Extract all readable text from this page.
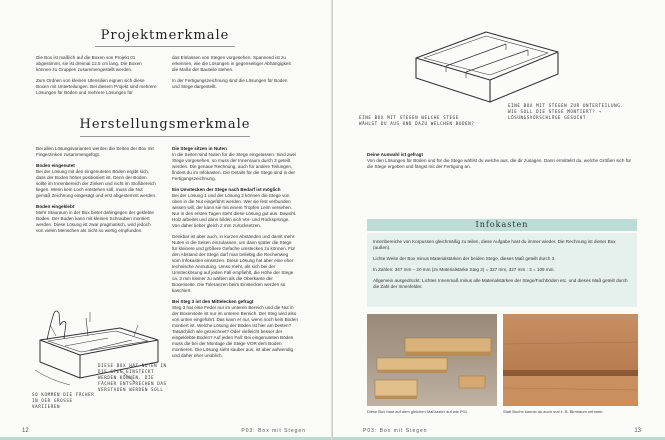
Projektmerkmale

Die Box ist maßlich auf die Boxen von Projekt 01 abgestimmt, sie ist dreimal 12,5 cm lang. Die Boxen können zu Gruppen zusammengestellt werden.

Zum Ordnen von kleinen Utensilien eignen sich diese Boxen mit Unterteilungen. Bei diesem Projekt sind mehrere Lösungen für Böden und mehrere Lösungen für

das Einlassen von Stegen vorgesehen. Spannend ist zu erkennen, wie die Lösungen in gegenseitiger Abhängigkeit die Maße der Bauteile stehen.

In der Fertigungszeichnung sind die Lösungen für Boden und Stege dargestellt.

Herstellungsmerkmale

Bei allen Lösungsvarianten werden die Seiten der Box mit Fingerzinken zusammengefügt.

Boden eingenutet
Bei der Lösung mit den eingenuteten Böden ergibt sich, dass der Boden höher positioniert ist. Denn der Boden sollte im Innenbereich der Zinken und nicht im Stoßbereich liegen. Wenn kein Loch entstehen soll, muss die Nut gemäß Zeichnung eingesägt und erst abgestemmt werden.

Boden eingeklebt
Mehr Stauraum in der Box bietet dahingegen der geklebte Boden. Der Boden kann mit kleinen Schrauben montiert werden. Diese Lösung ist zwar pragmatisch, wird jedoch von vielen Menschen als nicht so wertig empfunden.

Die Stege sitzen in Nuten
In die Seiten sind Nuten für die Stege eingelassen. Sind zwei Stege vorgesehen, so muss der Innenraum durch 3 geteilt werden. Die genaue Rechnung, auch für andere Teilungen, findest du im Infokasten. Die Details für die Stege sind in der Fertigungszeichnung.

Ein Umstecken der Stege nach Bedarf ist möglich
Bei der Lösung 1 und der Lösung 2 können die Stege von oben in die Nut eingeführt werden. Wer sie fest verbunden wissen will, der kann sie mit einem Tropfen Leim versehen. Nur in den ersten Tagen steht diese Lösung gut aus. Dawohl. Holz arbeitet und dann bilden sich Vor- und Rücksprünge. Von daher lieber gleich 2 mm zurücksetzen.

Denkbar ist aber auch, in kurzen Abständen und damit mehr Nuten in die Seiten einzulassen, um dann später die Stege für kleinere und größere Gefache umstecken zu können. Für den Abstand der Stege darf man beliebig die Rechenweg vom Infokasten einsetzen. Diese Lösung hat aber eine eher technische Anmutung. Umso mehr, als sich bei der Umsteckösung auf jeden Fall empfiehlt, die Höhe der Stege ca. 2 mm kleiner zu wählen als die Oberkante der Boxenseite. Die Toleranzen beim Einstecken werden so kaschiert.

Bei Steg 3 ist den Mittelecken gefragt
Steg 3 hat eine Feder nur im unteren Bereich und die Nut in der Boxenseite ist nur im unteren Bereich. Der Steg wird also von unten eingeführt. Das kann er nur, wenn noch kein Boden montiert ist. Welche Lösung der Böden ist hier am besten? Tatsächlich wie gezeichnet? Oder vielleicht besser der eingeklebte Boden? Auf jeden Fall: Bei eingenuteten Böden muss die bei der Montage die Stege VOR dem Boden montieren. Die Lösung sieht sauber aus, ist aber aufwendig und daher eher unüblich.

SO KOMMEN DIE FÄCHER IN DER GROSSE VARIIEREN
DIESE BOX HAT NUTEN IN DIE STEG EINSTECKT WERDEN KÖNNEN. DIE FÄCHER ENTSPRECHEN DAS VERSTAUEN WERDEN SOLL
12	P03: Box mit Stegen
EINE BOX MIT STEGEN WELCHE STEGE WÄHLST DU AUS UND DAZU WELCHEN BODEN?
EINE BOX MIT STEGEN ZUR UNTERTEILUNG. WIE SOLL DIE STEGE MONTIERT? → LÖSUNGSVORSCHLÄGE GESUCHT
Deine Auswahl ist gefragt
Von den Lösungen für Böden und für die Stege wählst du welche aus, die dir zusagen. Dann ermittelst du, welche Größen sich für die Stege ergeben und fängst mit der Fertigung an.
Infokasten

Innenbereiche von Korpussen gleichmäßig zu teilen, diese Aufgabe hast du immer wieder. Die Rechnung ist dieser Box (außen).

Lichte Weite der Box minus Materialstärken der beiden Stege, dieses Maß geteilt durch 3.

In Zahlen: 347 mm – 20 mm (2x Materialstärke Steg 2) = 327 mm, 327 mm : 3 = 109 mm.

Allgemein ausgedrückt: Lichtes Innenmaß minus alle Materialstärken der Stege/Fachböden etc. und dieses Maß geteilt durch die Zahl der Innenfelder.

Diese Box baut auf dem gleichen Maßraster auf wie P01.	Statt Buche kannst du auch mal z. B. Birnbaum nehmen.
P03: Box mit Stegen	13
